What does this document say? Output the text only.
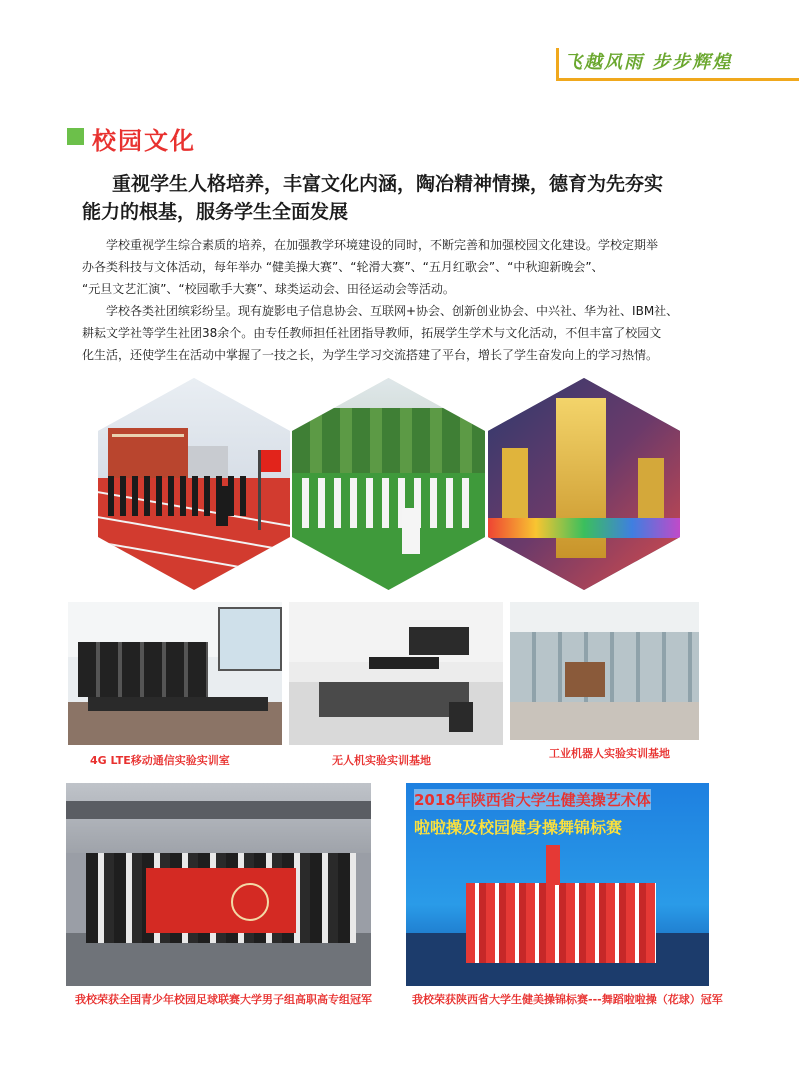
飞越风雨 步步辉煌
校园文化
重视学生人格培养，丰富文化内涵，陶冶精神情操，德育为先夯实
能力的根基，服务学生全面发展
学校重视学生综合素质的培养，在加强教学环境建设的同时，不断完善和加强校园文化建设。学校定期举
办各类科技与文体活动，每年举办 “健美操大赛”、“轮滑大赛”、“五月红歌会”、“中秋迎新晚会”、
“元旦文艺汇演”、“校园歌手大赛”、球类运动会、田径运动会等活动。
学校各类社团缤彩纷呈。现有旋影电子信息协会、互联网+协会、创新创业协会、中兴社、华为社、IBM社、
耕耘文学社等学生社团38余个。由专任教师担任社团指导教师，拓展学生学术与文化活动，不但丰富了校园文
化生活，还使学生在活动中掌握了一技之长，为学生学习交流搭建了平台，增长了学生奋发向上的学习热情。
4G LTE移动通信实验实训室	无人机实验实训基地
工业机器人实验实训基地
我校荣获全国青少年校园足球联赛大学男子组高职高专组冠军
2018年陕西省大学生健美操艺术体
啦啦操及校园健身操舞锦标赛
我校荣获陕西省大学生健美操锦标赛---舞蹈啦啦操（花球）冠军
